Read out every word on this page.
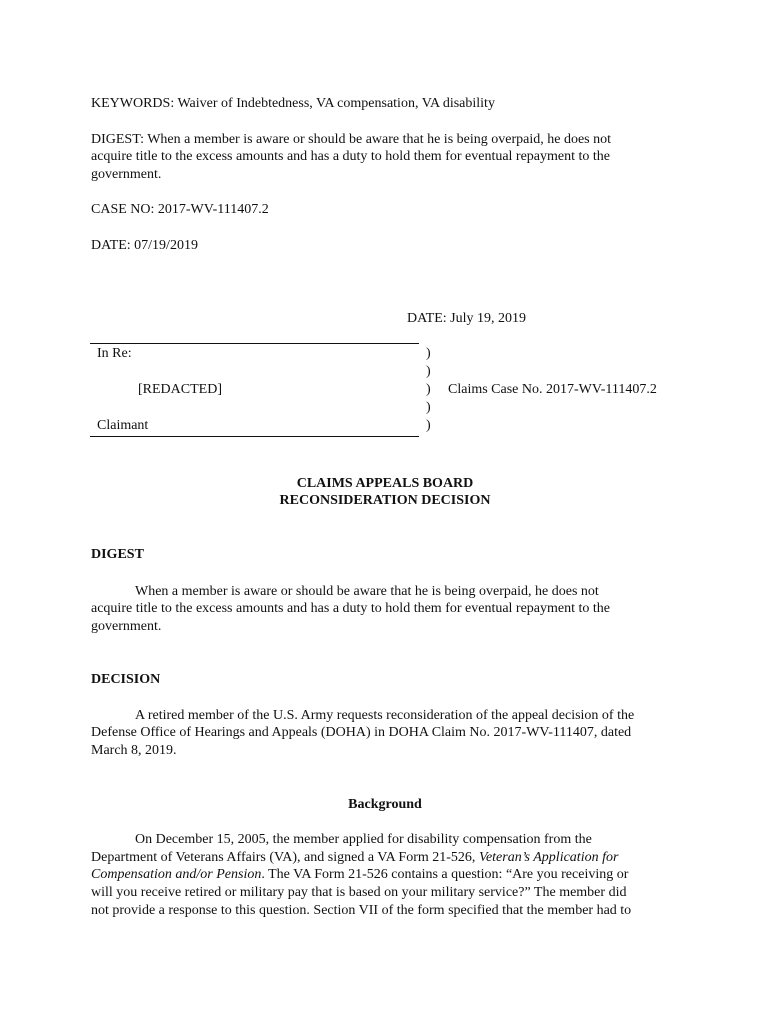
KEYWORDS: Waiver of Indebtedness, VA compensation, VA disability
DIGEST: When a member is aware or should be aware that he is being overpaid, he does not
acquire title to the excess amounts and has a duty to hold them for eventual repayment to the
government.
CASE NO: 2017-WV-111407.2
DATE: 07/19/2019
DATE: July 19, 2019
In Re:
[REDACTED]
Claimant
)
)
)
)
)
Claims Case No. 2017-WV-111407.2
CLAIMS APPEALS BOARD
RECONSIDERATION DECISION
DIGEST
When a member is aware or should be aware that he is being overpaid, he does not
acquire title to the excess amounts and has a duty to hold them for eventual repayment to the
government.
DECISION
A retired member of the U.S. Army requests reconsideration of the appeal decision of the
Defense Office of Hearings and Appeals (DOHA) in DOHA Claim No. 2017-WV-111407, dated
March 8, 2019.
Background
On December 15, 2005, the member applied for disability compensation from the
Department of Veterans Affairs (VA), and signed a VA Form 21-526, Veteran’s Application for
Compensation and/or Pension. The VA Form 21-526 contains a question: “Are you receiving or
will you receive retired or military pay that is based on your military service?” The member did
not provide a response to this question. Section VII of the form specified that the member had to
